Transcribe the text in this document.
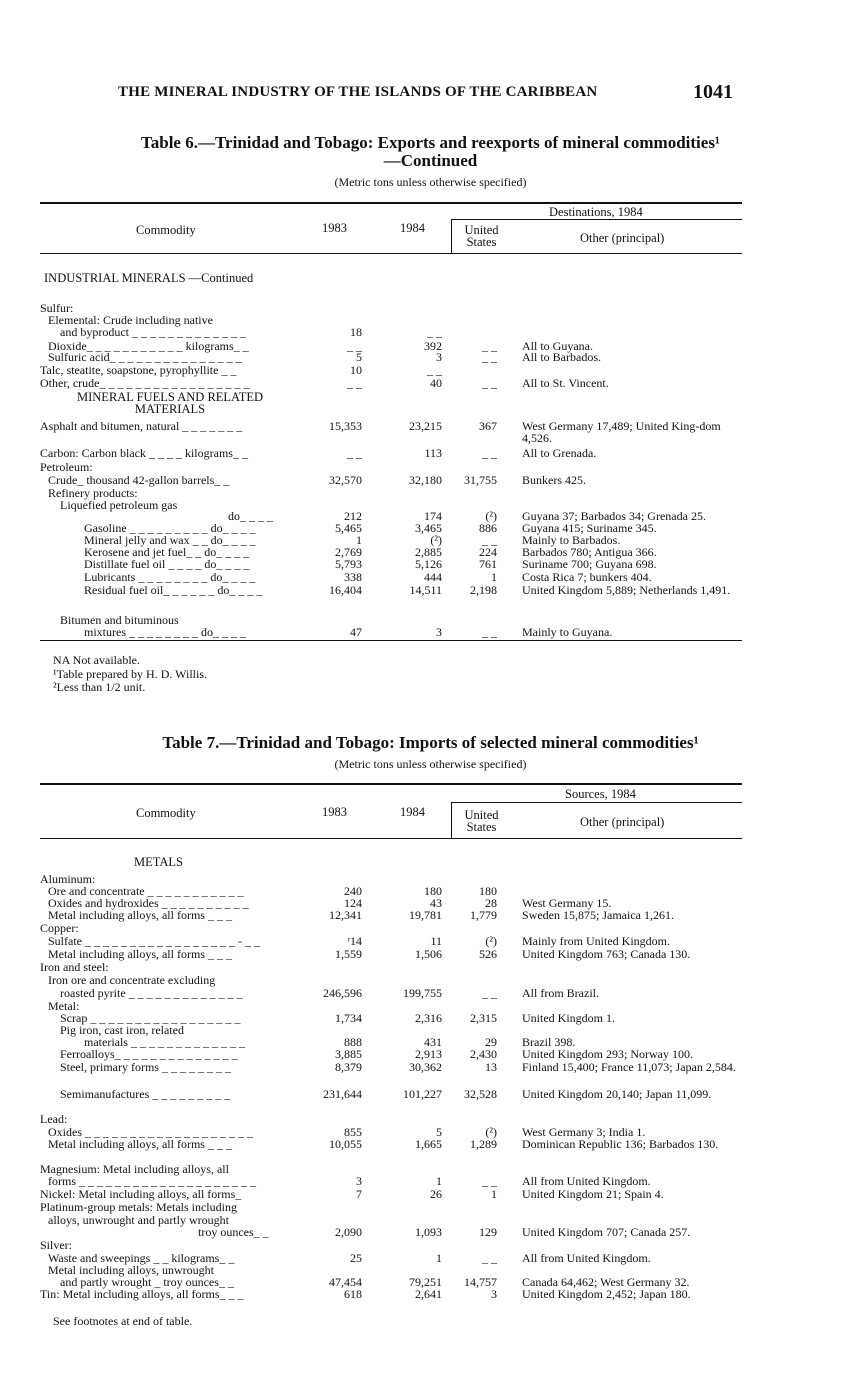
THE MINERAL INDUSTRY OF THE ISLANDS OF THE CARIBBEAN	1041
Table 6.—Trinidad and Tobago: Exports and reexports of mineral commodities¹
—Continued
(Metric tons unless otherwise specified)
Destinations, 1984
Commodity	1983	1984	United States	Other (principal)
INDUSTRIAL MINERALS —Continued
MINERAL FUELS AND RELATED MATERIALS
Sulfur:
Elemental: Crude including native
and byproduct _ _ _ _ _ _ _ _ _ _ _ _ _	18	_ _
Dioxide_ _ _ _ _ _ _ _ _ _ _ kilograms_ _	_ _	392	_ _ All to Guyana.
Sulfuric acid_ _ _ _ _ _ _ _ _ _ _ _ _ _ _	5	3	_ _ All to Barbados.
Talc, steatite, soapstone, pyrophyllite _ _	10	_ _
Other, crude_ _ _ _ _ _ _ _ _ _ _ _ _ _ _ _ _	_ _	40	_ _ All to St. Vincent.
Asphalt and bitumen, natural _ _ _ _ _ _ _	15,353	23,215	367 West Germany 17,489; United King-dom 4,526.
Carbon: Carbon black _ _ _ _ kilograms_ _	_ _	113	_ _ All to Grenada.
Petroleum:
Crude_ thousand 42-gallon barrels_ _	32,570	32,180	31,755 Bunkers 425.
Refinery products:
Liquefied petroleum gas
do_ _ _ _	212	174	(²) Guyana 37; Barbados 34; Grenada 25.
Gasoline _ _ _ _ _ _ _ _ _ do_ _ _ _	5,465	3,465	886 Guyana 415; Suriname 345.
Mineral jelly and wax _ _ do_ _ _ _	1	(²)	_ _ Mainly to Barbados.
Kerosene and jet fuel_ _ do_ _ _ _	2,769	2,885	224 Barbados 780; Antigua 366.
Distillate fuel oil _ _ _ _ do_ _ _ _	5,793	5,126	761 Suriname 700; Guyana 698.
Lubricants _ _ _ _ _ _ _ _ do_ _ _ _	338	444	1 Costa Rica 7; bunkers 404.
Residual fuel oil_ _ _ _ _ _ do_ _ _ _	16,404	14,511	2,198 United Kingdom 5,889; Netherlands 1,491.
Bitumen and bituminous
mixtures _ _ _ _ _ _ _ _ do_ _ _ _	47	3	_ _ Mainly to Guyana.
NA Not available.
¹Table prepared by H. D. Willis.
²Less than 1/2 unit.
Table 7.—Trinidad and Tobago: Imports of selected mineral commodities¹
(Metric tons unless otherwise specified)
Sources, 1984
Commodity	1983	1984	United States	Other (principal)
METALS
Aluminum:
Ore and concentrate _ _ _ _ _ _ _ _ _ _ _	240	180	180
Oxides and hydroxides _ _ _ _ _ _ _ _ _ _	124	43	28 West Germany 15.
Metal including alloys, all forms _ _ _	12,341	19,781	1,779 Sweden 15,875; Jamaica 1,261.
Copper:
Sulfate _ _ _ _ _ _ _ _ _ _ _ _ _ _ _ _ _ - _ _	ʳ14	11	(²) Mainly from United Kingdom.
Metal including alloys, all forms _ _ _	1,559	1,506	526 United Kingdom 763; Canada 130.
Iron and steel:
Iron ore and concentrate excluding
roasted pyrite _ _ _ _ _ _ _ _ _ _ _ _ _	246,596	199,755	_ _ All from Brazil.
Metal:
Scrap _ _ _ _ _ _ _ _ _ _ _ _ _ _ _ _ _	1,734	2,316	2,315 United Kingdom 1.
Pig iron, cast iron, related
materials _ _ _ _ _ _ _ _ _ _ _ _ _	888	431	29 Brazil 398.
Ferroalloys_ _ _ _ _ _ _ _ _ _ _ _ _ _	3,885	2,913	2,430 United Kingdom 293; Norway 100.
Steel, primary forms _ _ _ _ _ _ _ _	8,379	30,362	13 Finland 15,400; France 11,073; Japan 2,584.
Semimanufactures _ _ _ _ _ _ _ _ _	231,644	101,227	32,528 United Kingdom 20,140; Japan 11,099.
Lead:
Oxides _ _ _ _ _ _ _ _ _ _ _ _ _ _ _ _ _ _ _	855	5	(²) West Germany 3; India 1.
Metal including alloys, all forms _ _ _	10,055	1,665	1,289 Dominican Republic 136; Barbados 130.
Magnesium: Metal including alloys, all
forms _ _ _ _ _ _ _ _ _ _ _ _ _ _ _ _ _ _ _ _	3	1	_ _ All from United Kingdom.
Nickel: Metal including alloys, all forms_	7	26	1 United Kingdom 21; Spain 4.
Platinum-group metals: Metals including
alloys, unwrought and partly wrought
troy ounces_ _	2,090	1,093	129 United Kingdom 707; Canada 257.
Silver:
Waste and sweepings _ _ kilograms_ _	25	1	_ _ All from United Kingdom.
Metal including alloys, unwrought
and partly wrought _ troy ounces_ _	47,454	79,251	14,757 Canada 64,462; West Germany 32.
Tin: Metal including alloys, all forms_ _ _	618	2,641	3 United Kingdom 2,452; Japan 180.
See footnotes at end of table.
